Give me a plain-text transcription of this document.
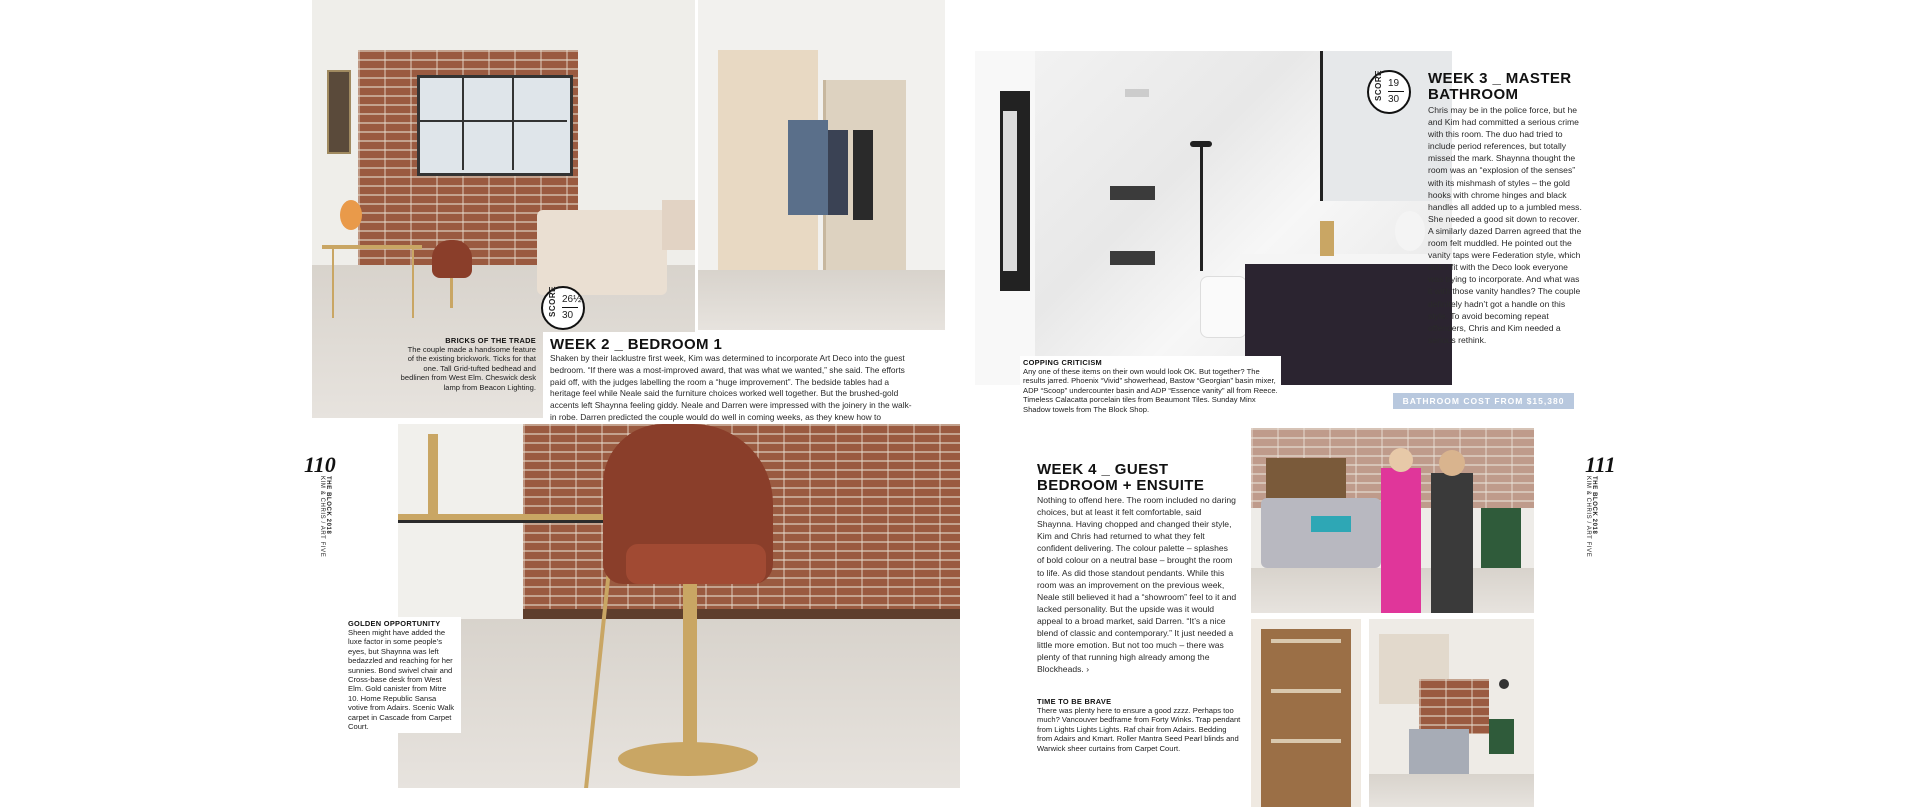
BRICKS OF THE TRADE
The couple made a handsome feature of the existing brickwork. Ticks for that one. Tall Grid-tufted bedhead and bedlinen from West Elm. Cheswick desk lamp from Beacon Lighting.
SCORE 26½
30
WEEK 2 _ BEDROOM 1
Shaken by their lacklustre first week, Kim was determined to incorporate Art Deco into the guest bedroom. “If there was a most-improved award, that was what we wanted,” she said. The efforts paid off, with the judges labelling the room a “huge improvement”. The bedside tables had a heritage feel while Neale said the furniture choices worked well together. But the brushed-gold accents left Shaynna feeling giddy. Neale and Darren were impressed with the joinery in the walk-in robe. Darren predicted the couple would do well in coming weeks, as they knew how to
110
THE BLOCK 2018
KIM & CHRIS / ART FIVE
GOLDEN OPPORTUNITY
Sheen might have added the luxe factor in some people’s eyes, but Shaynna was left bedazzled and reaching for her sunnies. Bond swivel chair and Cross-base desk from West Elm. Gold canister from Mitre 10. Home Republic Sansa votive from Adairs. Scenic Walk carpet in Cascade from Carpet Court.
SCORE 19
30
WEEK 3 _ MASTER
BATHROOM
Chris may be in the police force, but he and Kim had committed a serious crime with this room. The duo had tried to include period references, but totally missed the mark. Shaynna thought the room was an “explosion of the senses” with its mishmash of styles – the gold hooks with chrome hinges and black handles all added up to a jumbled mess. She needed a good sit down to recover. A similarly dazed Darren agreed that the room felt muddled. He pointed out the vanity taps were Federation style, which didn’t fit with the Deco look everyone was trying to incorporate. And what was it with those vanity handles? The couple definitely hadn’t got a handle on this style. To avoid becoming repeat offenders, Chris and Kim needed a serious rethink.
BATHROOM COST FROM $15,380
COPPING CRITICISM
Any one of these items on their own would look OK. But together? The results jarred. Phoenix “Vivid” showerhead, Bastow “Georgian” basin mixer, ADP “Scoop” undercounter basin and ADP “Essence vanity” all from Reece. Timeless Calacatta porcelain tiles from Beaumont Tiles. Sunday Minx Shadow towels from The Block Shop.
WEEK 4 _ GUEST
BEDROOM + ENSUITE
Nothing to offend here. The room included no daring choices, but at least it felt comfortable, said Shaynna. Having chopped and changed their style, Kim and Chris had returned to what they felt confident delivering. The colour palette – splashes of bold colour on a neutral base – brought the room to life. As did those standout pendants. While this room was an improvement on the previous week, Neale still believed it had a “showroom” feel to it and lacked personality. But the upside was it would appeal to a broad market, said Darren. “It’s a nice blend of classic and contemporary.” It just needed a little more emotion. But not too much – there was plenty of that running high already among the Blockheads. ›
TIME TO BE BRAVE
There was plenty here to ensure a good zzzz. Perhaps too much? Vancouver bedframe from Forty Winks. Trap pendant from Lights Lights Lights. Raf chair from Adairs. Bedding from Adairs and Kmart. Roller Mantra Seed Pearl blinds and Warwick sheer curtains from Carpet Court.
111
THE BLOCK 2018
KIM & CHRIS / ART FIVE
